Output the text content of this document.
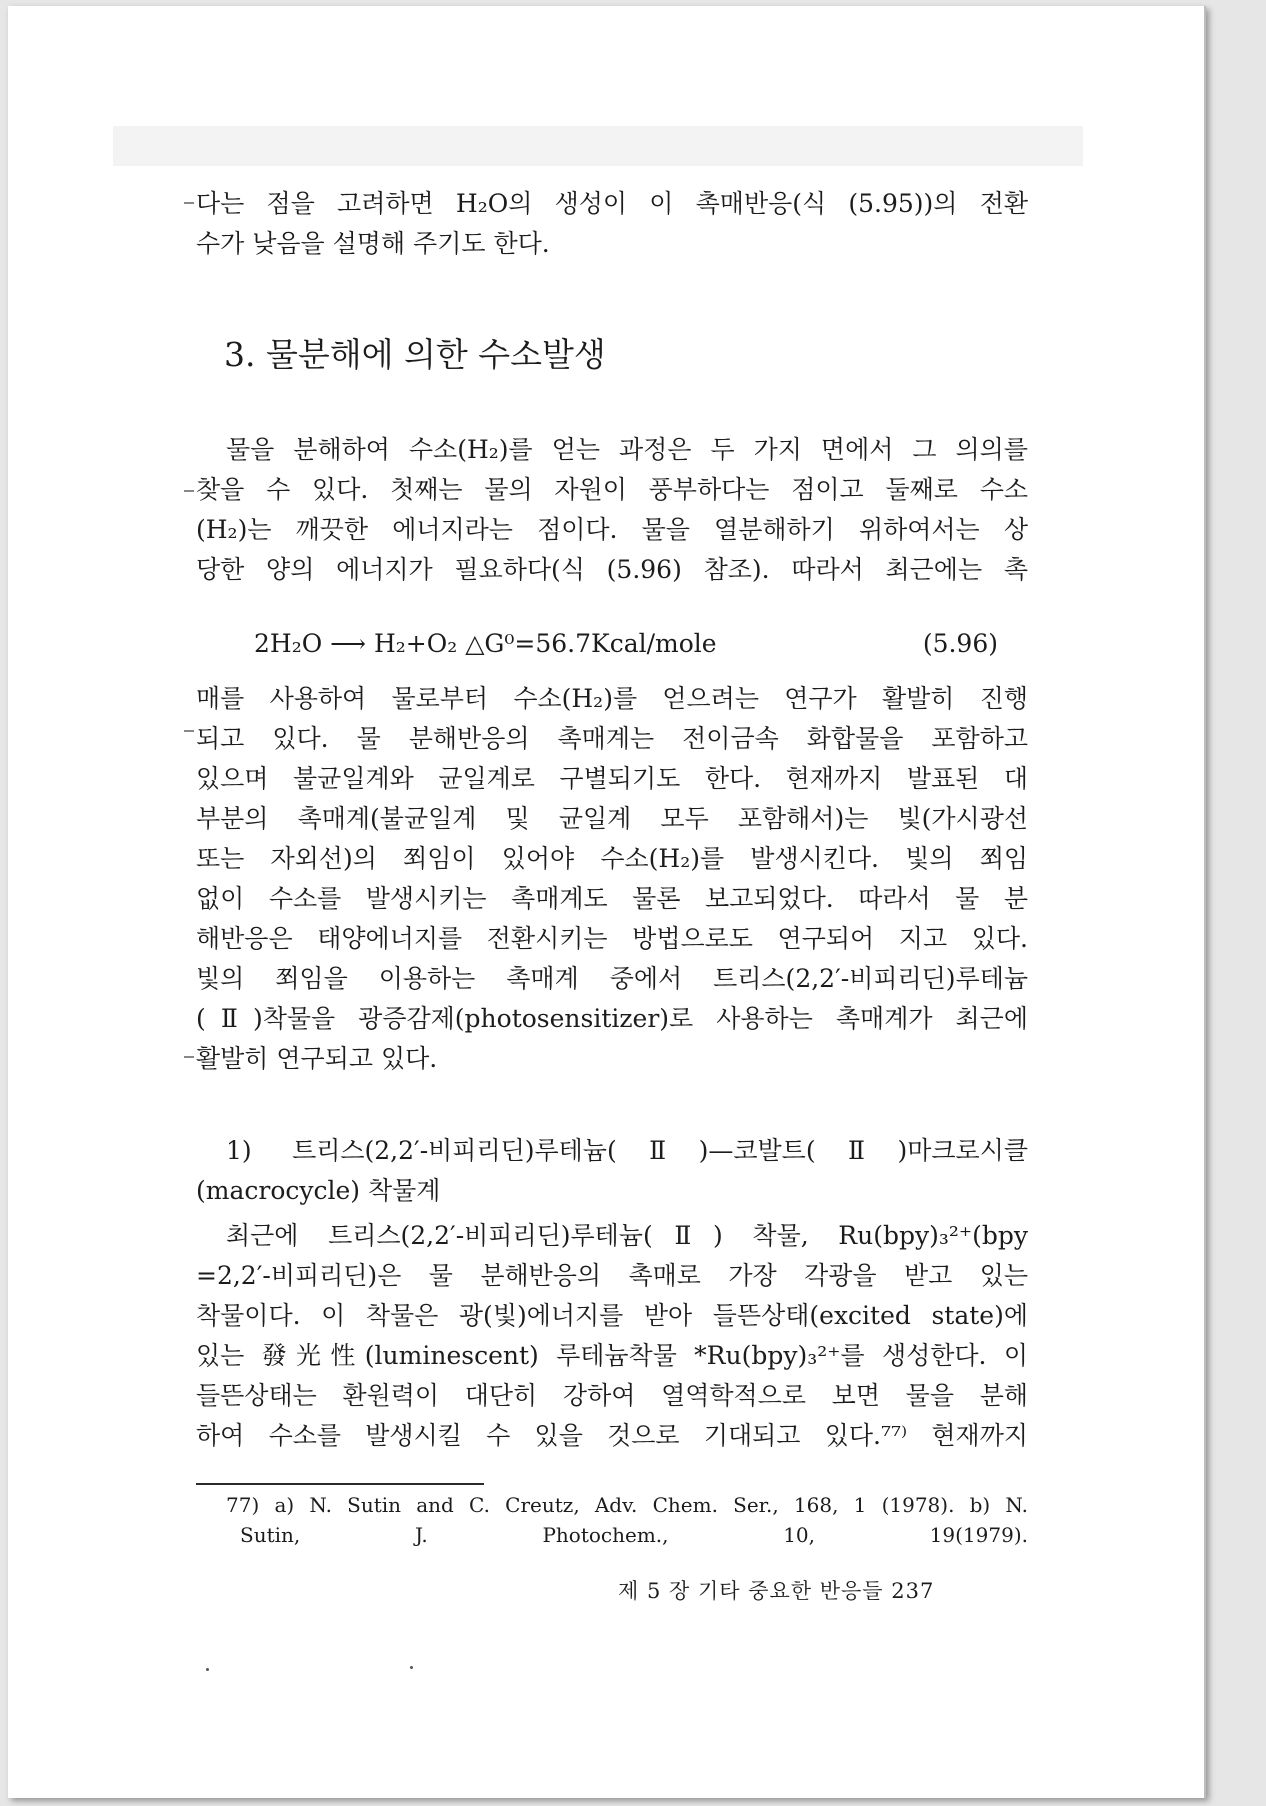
다는 점을 고려하면 H₂O의 생성이 이 촉매반응(식 (5.95))의 전환
수가 낮음을 설명해 주기도 한다.
3. 물분해에 의한 수소발생
물을 분해하여 수소(H₂)를 얻는 과정은 두 가지 면에서 그 의의를
찾을 수 있다. 첫째는 물의 자원이 풍부하다는 점이고 둘째로 수소
(H₂)는 깨끗한 에너지라는 점이다. 물을 열분해하기 위하여서는 상
당한 양의 에너지가 필요하다(식 (5.96) 참조). 따라서 최근에는 촉
2H₂O ⟶ H₂+O₂ △G⁰=56.7Kcal/mole	(5.96)
매를 사용하여 물로부터 수소(H₂)를 얻으려는 연구가 활발히 진행
되고 있다. 물 분해반응의 촉매계는 전이금속 화합물을 포함하고
있으며 불균일계와 균일계로 구별되기도 한다. 현재까지 발표된 대
부분의 촉매계(불균일계 및 균일계 모두 포함해서)는 빛(가시광선
또는 자외선)의 쬐임이 있어야 수소(H₂)를 발생시킨다. 빛의 쬐임
없이 수소를 발생시키는 촉매계도 물론 보고되었다. 따라서 물 분
해반응은 태양에너지를 전환시키는 방법으로도 연구되어 지고 있다.
빛의 쬐임을 이용하는 촉매계 중에서 트리스(2,2′-비피리딘)루테늄
(Ⅱ)착물을 광증감제(photosensitizer)로 사용하는 촉매계가 최근에
활발히 연구되고 있다.
1) 트리스(2,2′-비피리딘)루테늄(Ⅱ)—코발트(Ⅱ)마크로시클
(macrocycle) 착물계
최근에 트리스(2,2′-비피리딘)루테늄(Ⅱ) 착물, Ru(bpy)₃²⁺(bpy
=2,2′-비피리딘)은 물 분해반응의 촉매로 가장 각광을 받고 있는
착물이다. 이 착물은 광(빛)에너지를 받아 들뜬상태(excited state)에
있는 發光性(luminescent) 루테늄착물 *Ru(bpy)₃²⁺를 생성한다. 이
들뜬상태는 환원력이 대단히 강하여 열역학적으로 보면 물을 분해
하여 수소를 발생시킬 수 있을 것으로 기대되고 있다.⁷⁷⁾ 현재까지
77) a) N. Sutin and C. Creutz, Adv. Chem. Ser., 168, 1 (1978). b) N.
Sutin, J. Photochem., 10, 19(1979).
제 5 장 기타 중요한 반응들 237
